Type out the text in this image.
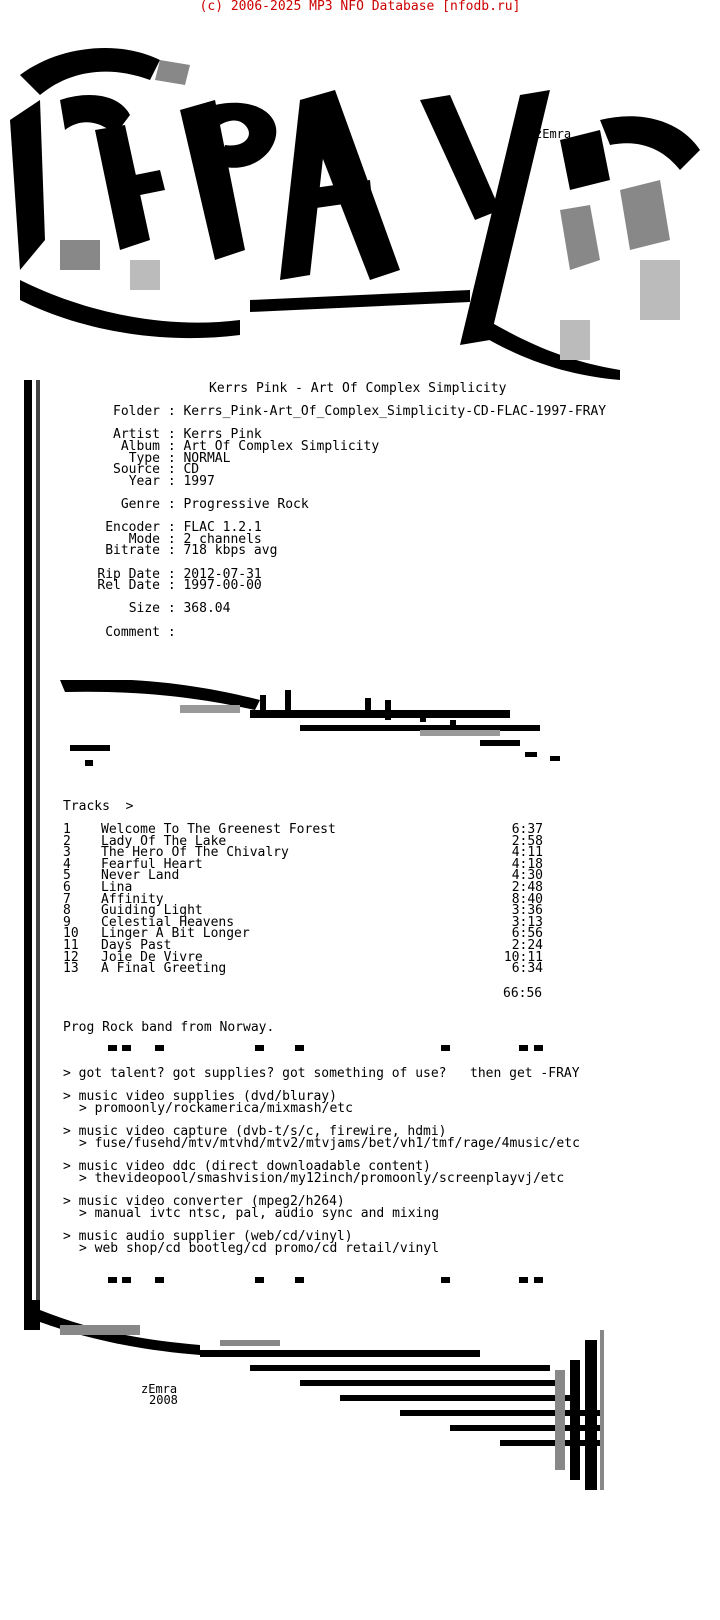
(c) 2006-2025 MP3 NFO Database [nfodb.ru]
zEmra
Kerrs Pink - Art Of Complex Simplicity
Folder : Kerrs_Pink-Art_Of_Complex_Simplicity-CD-FLAC-1997-FRAY
Artist : Kerrs Pink
Album : Art Of Complex Simplicity
Type : NORMAL
Source : CD
Year : 1997
Genre : Progressive Rock
Encoder : FLAC 1.2.1
Mode : 2 channels
Bitrate : 718 kbps avg
Rip Date : 2012-07-31
Rel Date : 1997-00-00
Size : 368.04
Comment :
Tracks  >
1 Welcome To The Greenest Forest	6:37
2 Lady Of The Lake	2:58
3 The Hero Of The Chivalry	4:11
4 Fearful Heart	4:18
5 Never Land	4:30
6 Lina	2:48
7 Affinity	8:40
8 Guiding Light	3:36
9 Celestial Heavens	3:13
10 Linger A Bit Longer	6:56
11 Days Past	2:24
12 Joie De Vivre	10:11
13 A Final Greeting	6:34
66:56
Prog Rock band from Norway.
> got talent? got supplies? got something of use?   then get -FRAY
> music video supplies (dvd/bluray)
> promoonly/rockamerica/mixmash/etc
> music video capture (dvb-t/s/c, firewire, hdmi)
> fuse/fusehd/mtv/mtvhd/mtv2/mtvjams/bet/vh1/tmf/rage/4music/etc
> music video ddc (direct downloadable content)
> thevideopool/smashvision/my12inch/promoonly/screenplayvj/etc
> music video converter (mpeg2/h264)
> manual ivtc ntsc, pal, audio sync and mixing
> music audio supplier (web/cd/vinyl)
> web shop/cd bootleg/cd promo/cd retail/vinyl
zEmra
2008
